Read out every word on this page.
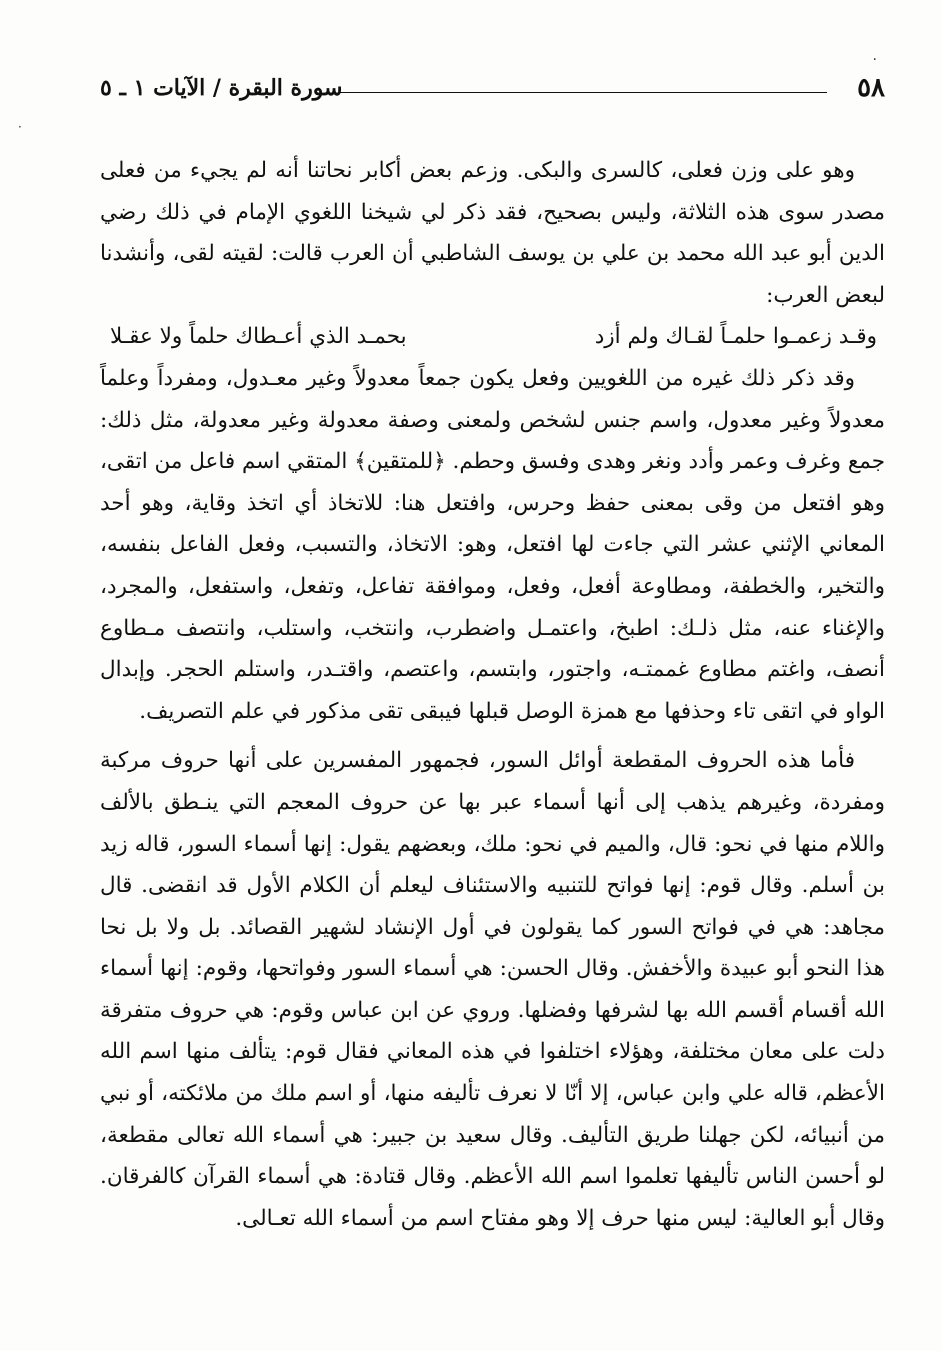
٥٨
سورة البقرة / الآيات ١ ـ ٥

وهو على وزن فعلى، كالسرى والبكى. وزعم بعض أكابر نحاتنا أنه لم يجيء من فعلى مصدر سوى هذه الثلاثة، وليس بصحيح، فقد ذكر لي شيخنا اللغوي الإمام في ذلك رضي الدين أبو عبد الله محمد بن علي بن يوسف الشاطبي أن العرب قالت: لقيته لقى، وأنشدنا لبعض العرب:

وقـد زعمـوا حلمـاً لقـاك ولم أزد
بحمـد الذي أعـطاك حلماً ولا عقـلا

وقد ذكر ذلك غيره من اللغويين وفعل يكون جمعاً معدولاً وغير معـدول، ومفرداً وعلماً معدولاً وغير معدول، واسم جنس لشخص ولمعنى وصفة معدولة وغير معدولة، مثل ذلك: جمع وغرف وعمر وأدد ونغر وهدى وفسق وحطم. ﴿للمتقين﴾ المتقي اسم فاعل من اتقى، وهو افتعل من وقى بمعنى حفظ وحرس، وافتعل هنا: للاتخاذ أي اتخذ وقاية، وهو أحد المعاني الإثني عشر التي جاءت لها افتعل، وهو: الاتخاذ، والتسبب، وفعل الفاعل بنفسه، والتخير، والخطفة، ومطاوعة أفعل، وفعل، وموافقة تفاعل، وتفعل، واستفعل، والمجرد، والإغناء عنه، مثل ذلـك: اطبخ، واعتمـل واضطرب، وانتخب، واستلب، وانتصف مـطاوع أنصف، واغتم مطاوع غممتـه، واجتور، وابتسم، واعتصم، واقتـدر، واستلم الحجر. وإبدال الواو في اتقى تاء وحذفها مع همزة الوصل قبلها فيبقى تقى مذكور في علم التصريف.

فأما هذه الحروف المقطعة أوائل السور، فجمهور المفسرين على أنها حروف مركبة ومفردة، وغيرهم يذهب إلى أنها أسماء عبر بها عن حروف المعجم التي ينـطق بالألف واللام منها في نحو: قال، والميم في نحو: ملك، وبعضهم يقول: إنها أسماء السور، قاله زيد بن أسلم. وقال قوم: إنها فواتح للتنبيه والاستئناف ليعلم أن الكلام الأول قد انقضى. قال مجاهد: هي في فواتح السور كما يقولون في أول الإنشاد لشهير القصائد. بل ولا بل نحا هذا النحو أبو عبيدة والأخفش. وقال الحسن: هي أسماء السور وفواتحها، وقوم: إنها أسماء الله أقسام أقسم الله بها لشرفها وفضلها. وروي عن ابن عباس وقوم: هي حروف متفرقة دلت على معان مختلفة، وهؤلاء اختلفوا في هذه المعاني فقال قوم: يتألف منها اسم الله الأعظم، قاله علي وابن عباس، إلا أنّا لا نعرف تأليفه منها، أو اسم ملك من ملائكته، أو نبي من أنبيائه، لكن جهلنا طريق التأليف. وقال سعيد بن جبير: هي أسماء الله تعالى مقطعة، لو أحسن الناس تأليفها تعلموا اسم الله الأعظم. وقال قتادة: هي أسماء القرآن كالفرقان. وقال أبو العالية: ليس منها حرف إلا وهو مفتاح اسم من أسماء الله تعـالى.

·
·
